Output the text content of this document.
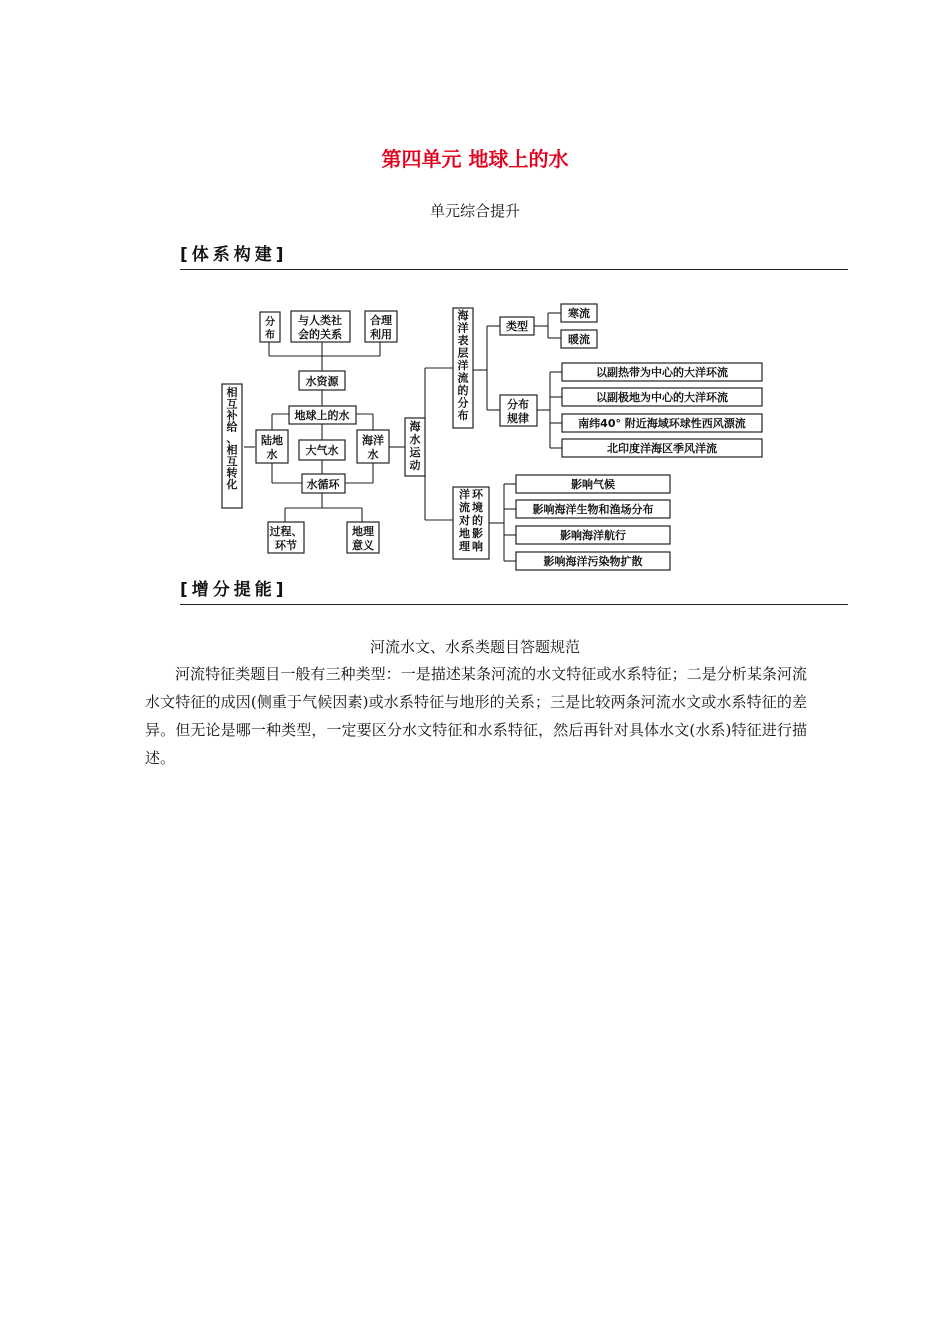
第四单元 地球上的水
单元综合提升
[体系构建]
相互补给、相互转化
分布
与人类社
会的关系
合理
利用
水资源
地球上的水
陆地
水	大气水
海洋
水
水循环
过程、
环节
地理
意义
海水运动
海洋表层洋流的分布
洋流对地理环境的影响
类型
寒流
暖流
分布
规律
以副热带为中心的大洋环流
以副极地为中心的大洋环流
南纬40° 附近海域环球性西风漂流
北印度洋海区季风洋流
影响气候
影响海洋生物和渔场分布
影响海洋航行
影响海洋污染物扩散
[增分提能]
河流水文、水系类题目答题规范
河流特征类题目一般有三种类型：一是描述某条河流的水文特征或水系特征；二是分析某条河流水文特征的成因(侧重于气候因素)或水系特征与地形的关系；三是比较两条河流水文或水系特征的差异。但无论是哪一种类型，一定要区分水文特征和水系特征，然后再针对具体水文(水系)特征进行描述。
